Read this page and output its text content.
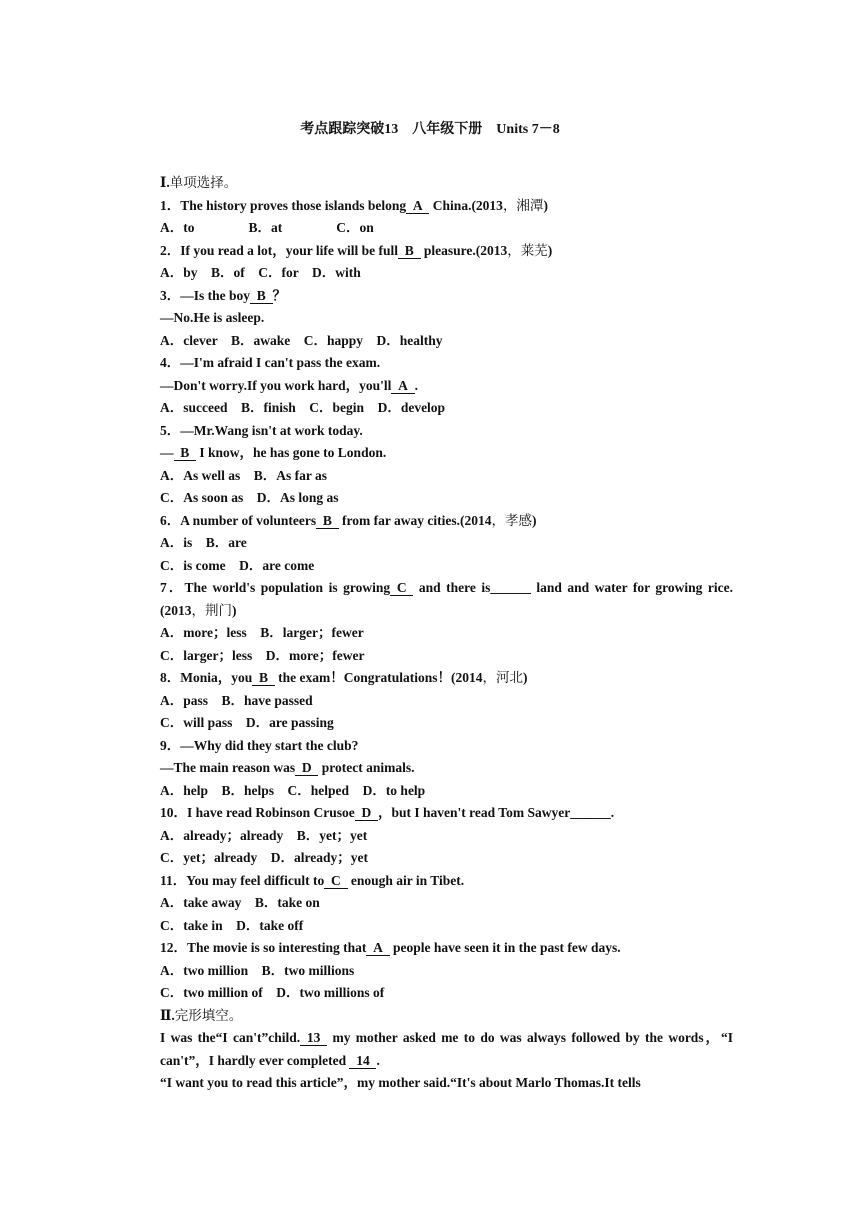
考点跟踪突破13　八年级下册　Units 7－8
Ⅰ.单项选择。
1．The history proves those islands belong  A   China.(2013，湘潭)
A．to　　　　	B．at　　　　	C．on
2．If you read a lot，your life will be full  B   pleasure.(2013，莱芜)
A．by　 B．of　 C．for　 D．with
3．—Is the boy  B  ？
—No.He is asleep.
A．clever　 B．awake　 C．happy　 D．healthy
4．—I'm afraid I can't pass the exam.
—Don't worry.If you work hard，you'll  A  .
A．succeed　 B．finish　 C．begin　 D．develop
5．—Mr.Wang isn't at work today.
—  B   I know，he has gone to London.
A．As well as　 B．As far as
C．As soon as　 D．As long as
6．A number of volunteers  B   from far away cities.(2014，孝感)
A．is　 B．are
C．is come　 D．are come
7．The world's population is growing  C   and there is______ land and water for growing rice.(2013，荆门)
A．more；less　 B．larger；fewer
C．larger；less　 D．more；fewer
8．Monia，you  B   the exam！Congratulations！(2014，河北)
A．pass　 B．have passed
C．will pass　 D．are passing
9．—Why did they start the club?
—The main reason was  D   protect animals.
A．help　 B．helps　 C．helped　 D．to help
10．I have read Robinson Crusoe  D  ，but I haven't read Tom Sawyer______.
A．already；already　 B．yet；yet
C．yet；already　 D．already；yet
11．You may feel difficult to  C   enough air in Tibet.
A．take away　 B．take on
C．take in　 D．take off
12．The movie is so interesting that  A   people have seen it in the past few days.
A．two million　 B．two millions
C．two million of　 D．two millions of
Ⅱ.完形填空。
I was the“I can't”child.  13   my mother asked me to do was always followed by the words，“I can't”，I hardly ever completed   14  .
“I want you to read this article”，my mother said.“It's about Marlo Thomas.It tells
